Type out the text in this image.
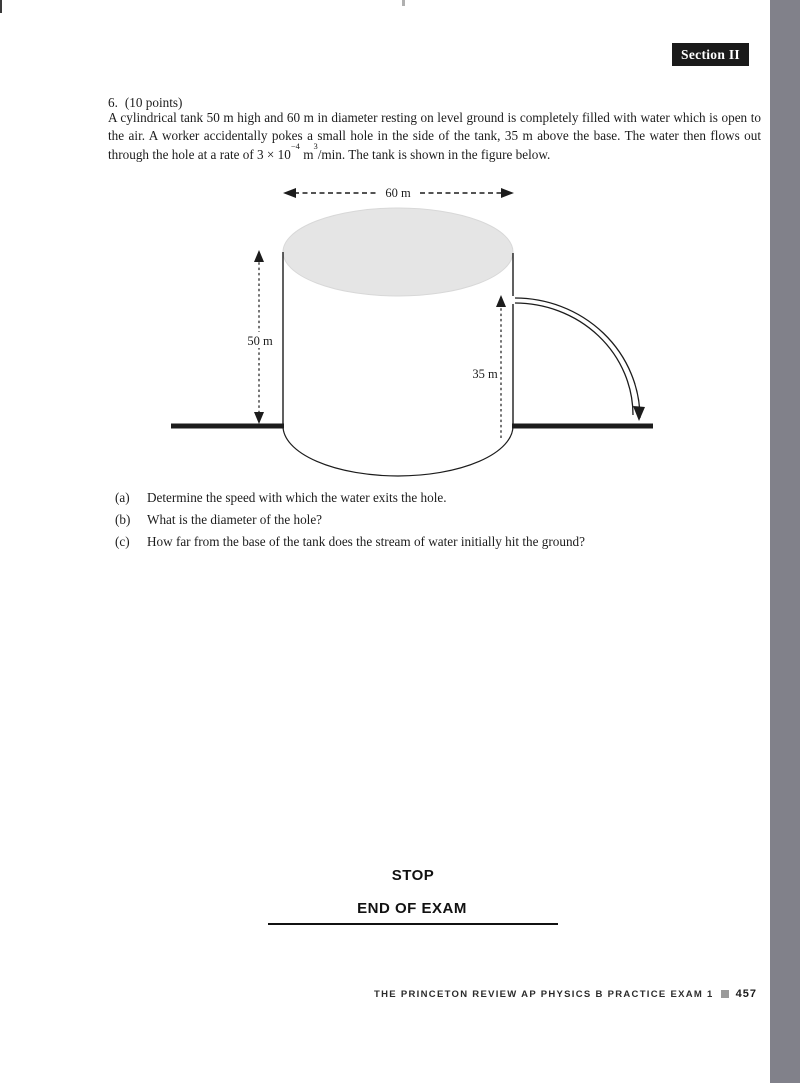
Section II
6. (10 points)
A cylindrical tank 50 m high and 60 m in diameter resting on level ground is completely filled with water which is open to the air. A worker accidentally pokes a small hole in the side of the tank, 35 m above the base. The water then flows out through the hole at a rate of $3 \times 10^{-4}$ $m^3/\min$. The tank is shown in the figure below.
60 m
50 m
35 m
(a)	Determine the speed with which the water exits the hole.
(b)	What is the diameter of the hole?
(c)	How far from the base of the tank does the stream of water initially hit the ground?
STOP
END OF EXAM
THE PRINCETON REVIEW AP PHYSICS B PRACTICE EXAM 1 457
